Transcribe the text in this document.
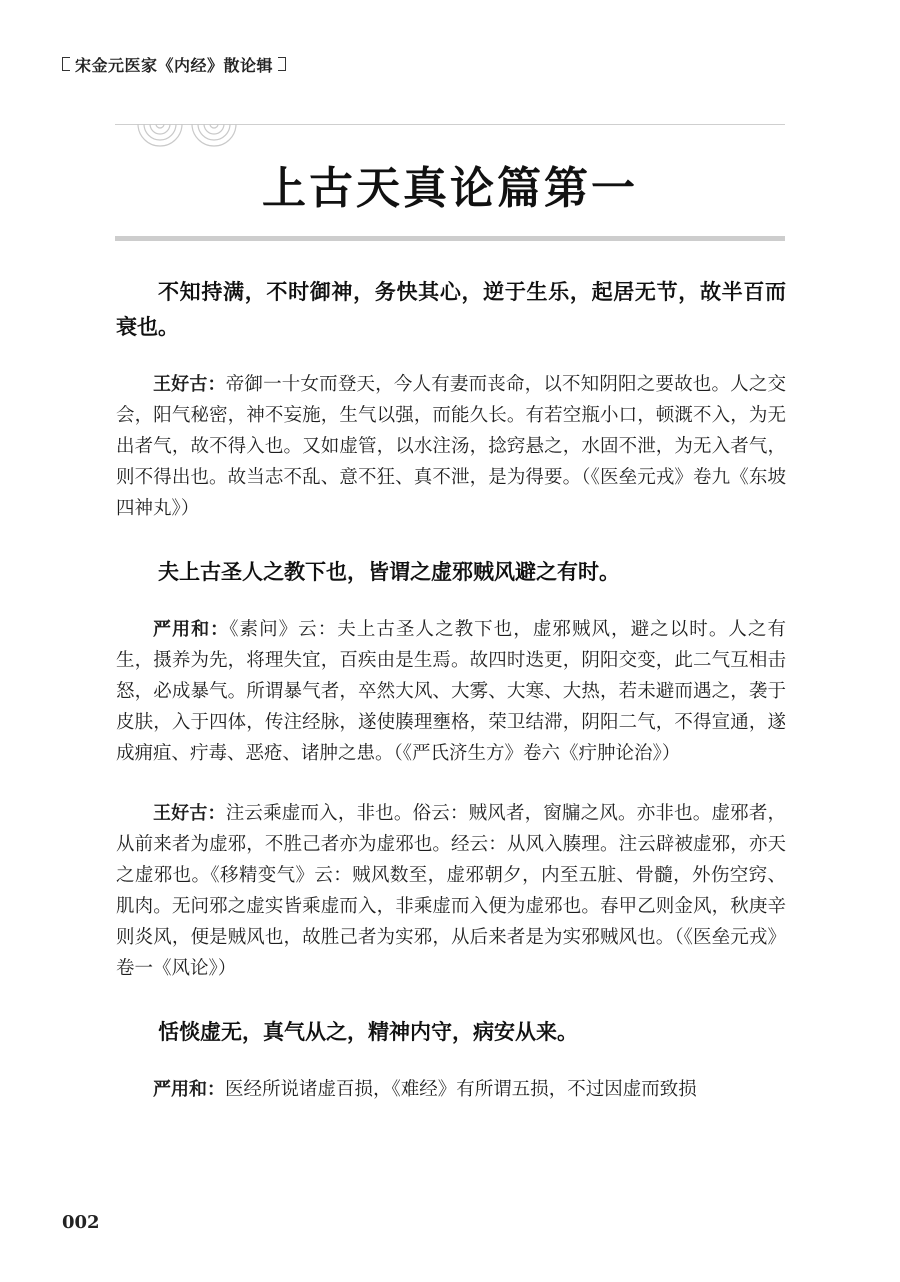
宋金元医家《内经》散论辑
上古天真论篇第一

不知持满，不时御神，务快其心，逆于生乐，起居无节，故半百而衰也。

王好古：帝御一十女而登天，今人有妻而丧命，以不知阴阳之要故也。人之交会，阳气秘密，神不妄施，生气以强，而能久长。有若空瓶小口，顿溉不入，为无出者气，故不得入也。又如虚管，以水注汤，捻窍悬之，水固不泄，为无入者气，则不得出也。故当志不乱、意不狂、真不泄，是为得要。（《医垒元戎》卷九《东坡四神丸》）

夫上古圣人之教下也，皆谓之虚邪贼风避之有时。

严用和：《素问》云：夫上古圣人之教下也，虚邪贼风，避之以时。人之有生，摄养为先，将理失宜，百疾由是生焉。故四时迭更，阴阳交变，此二气互相击怒，必成暴气。所谓暴气者，卒然大风、大雾、大寒、大热，若未避而遇之，袭于皮肤，入于四体，传注经脉，遂使腠理壅格，荣卫结滞，阴阳二气，不得宣通，遂成痈疽、疔毒、恶疮、诸肿之患。（《严氏济生方》卷六《疔肿论治》）

王好古：注云乘虚而入，非也。俗云：贼风者，窗牖之风。亦非也。虚邪者，从前来者为虚邪，不胜己者亦为虚邪也。经云：从风入腠理。注云辟被虚邪，亦天之虚邪也。《移精变气》云：贼风数至，虚邪朝夕，内至五脏、骨髓，外伤空窍、肌肉。无问邪之虚实皆乘虚而入，非乘虚而入便为虚邪也。春甲乙则金风，秋庚辛则炎风，便是贼风也，故胜己者为实邪，从后来者是为实邪贼风也。（《医垒元戎》卷一《风论》）

恬惔虚无，真气从之，精神内守，病安从来。

严用和：医经所说诸虚百损，《难经》有所谓五损，不过因虚而致损

002
